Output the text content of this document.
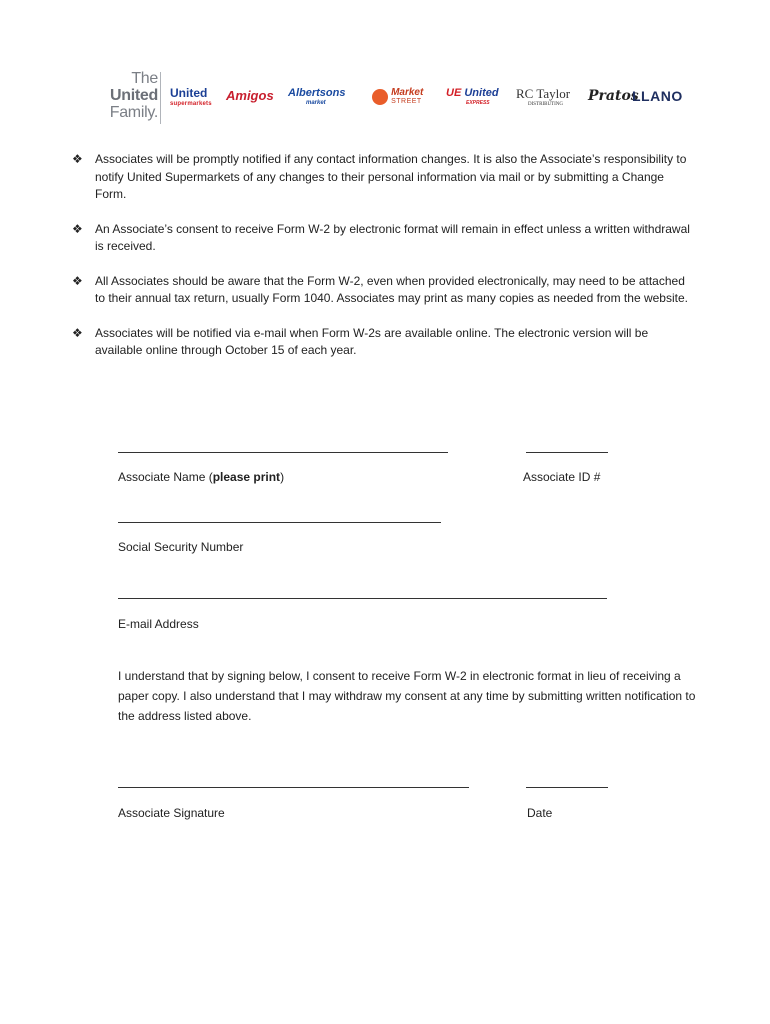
The
United
Family.
United
supermarkets
Amigos Albertsons
market
Market
STREET
UE United
EXPRESS
RC Taylor
DISTRIBUTING
Pratos
LLANO
❖ Associates will be promptly notified if any contact information changes. It is also the Associate’s responsibility to notify United Supermarkets of any changes to their personal information via mail or by submitting a Change Form.
❖ An Associate’s consent to receive Form W-2 by electronic format will remain in effect unless a written withdrawal is received.
❖ All Associates should be aware that the Form W-2, even when provided electronically, may need to be attached to their annual tax return, usually Form 1040. Associates may print as many copies as needed from the website.
❖ Associates will be notified via e-mail when Form W-2s are available online. The electronic version will be available online through October 15 of each year.
Associate Name (please print)	Associate ID #
Social Security Number
E-mail Address
I understand that by signing below, I consent to receive Form W-2 in electronic format in lieu of receiving a paper copy. I also understand that I may withdraw my consent at any time by submitting written notification to the address listed above.
Associate Signature	Date
